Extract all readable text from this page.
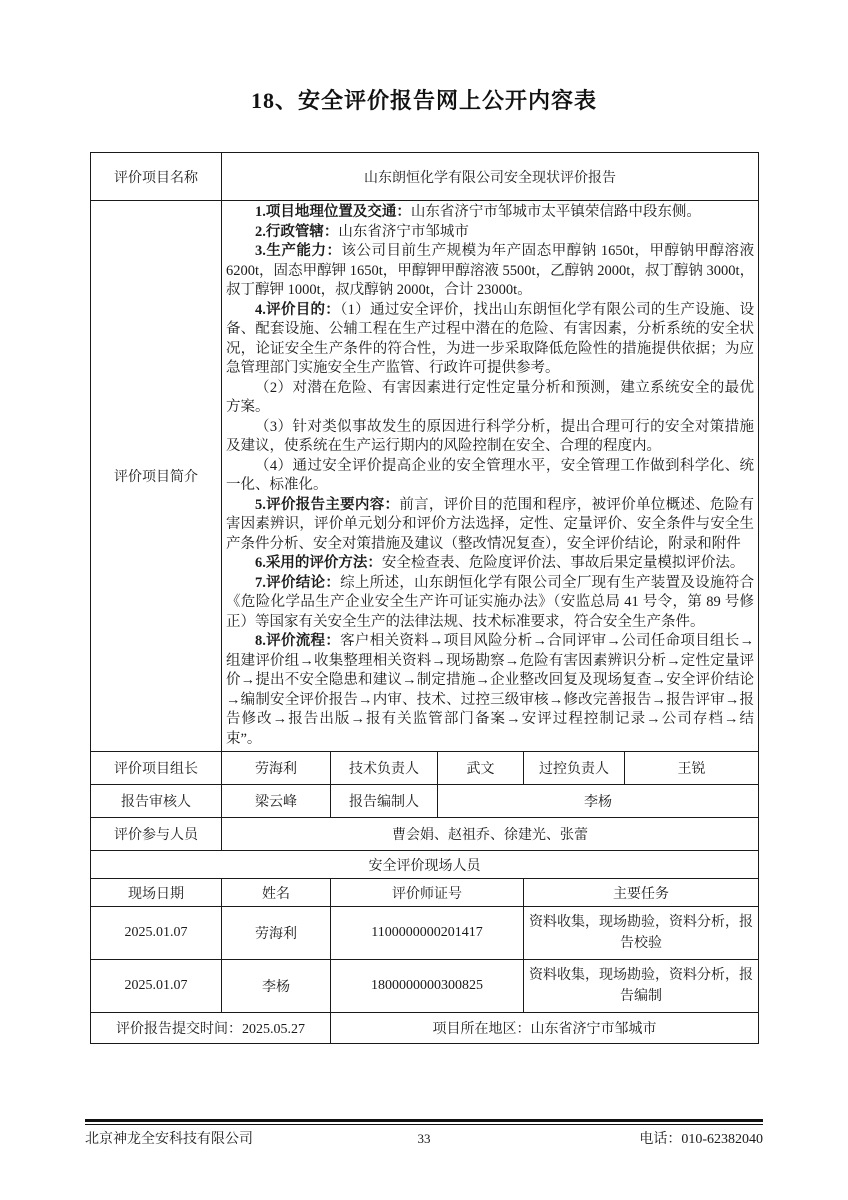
18、安全评价报告网上公开内容表
评价项目名称	山东朗恒化学有限公司安全现状评价报告				
评价项目简介	

1.项目地理位置及交通：山东省济宁市邹城市太平镇荣信路中段东侧。

2.行政管辖：山东省济宁市邹城市

3.生产能力：该公司目前生产规模为年产固态甲醇钠 1650t，甲醇钠甲醇溶液 6200t，固态甲醇钾 1650t，甲醇钾甲醇溶液 5500t，乙醇钠 2000t，叔丁醇钠 3000t，叔丁醇钾 1000t，叔戊醇钠 2000t，合计 23000t。

4.评价目的：（1）通过安全评价，找出山东朗恒化学有限公司的生产设施、设备、配套设施、公辅工程在生产过程中潜在的危险、有害因素，分析系统的安全状况，论证安全生产条件的符合性，为进一步采取降低危险性的措施提供依据；为应急管理部门实施安全生产监管、行政许可提供参考。

（2）对潜在危险、有害因素进行定性定量分析和预测，建立系统安全的最优方案。

（3）针对类似事故发生的原因进行科学分析，提出合理可行的安全对策措施及建议，使系统在生产运行期内的风险控制在安全、合理的程度内。

（4）通过安全评价提高企业的安全管理水平，安全管理工作做到科学化、统一化、标准化。

5.评价报告主要内容：前言，评价目的范围和程序，被评价单位概述、危险有害因素辨识，评价单元划分和评价方法选择，定性、定量评价、安全条件与安全生产条件分析、安全对策措施及建议（整改情况复查），安全评价结论，附录和附件

6.采用的评价方法：安全检查表、危险度评价法、事故后果定量模拟评价法。

7.评价结论：综上所述，山东朗恒化学有限公司全厂现有生产装置及设施符合《危险化学品生产企业安全生产许可证实施办法》（安监总局 41 号令，第 89 号修正）等国家有关安全生产的法律法规、技术标准要求，符合安全生产条件。

8.评价流程：客户相关资料→项目风险分析→合同评审→公司任命项目组长→组建评价组→收集整理相关资料→现场勘察→危险有害因素辨识分析→定性定量评价→提出不安全隐患和建议→制定措施→企业整改回复及现场复查→安全评价结论→编制安全评价报告→内审、技术、过控三级审核→修改完善报告→报告评审→报告修改→报告出版→报有关监管部门备案→安评过程控制记录→公司存档→结束”。

评价项目组长	劳海利	技术负责人	武文	过控负责人	王锐
报告审核人	梁云峰	报告编制人	李杨		
评价参与人员	曹会娟、赵祖乔、徐建光、张蕾				
安全评价现场人员					
现场日期	姓名	评价师证号		主要任务	
2025.01.07	劳海利	1100000000201417		资料收集，现场勘验，资料分析，报告校验	
2025.01.07	李杨	1800000000300825		资料收集，现场勘验，资料分析，报告编制	
评价报告提交时间：2025.05.27		项目所在地区：山东省济宁市邹城市			
北京神龙全安科技有限公司	33	电话：010-62382040
